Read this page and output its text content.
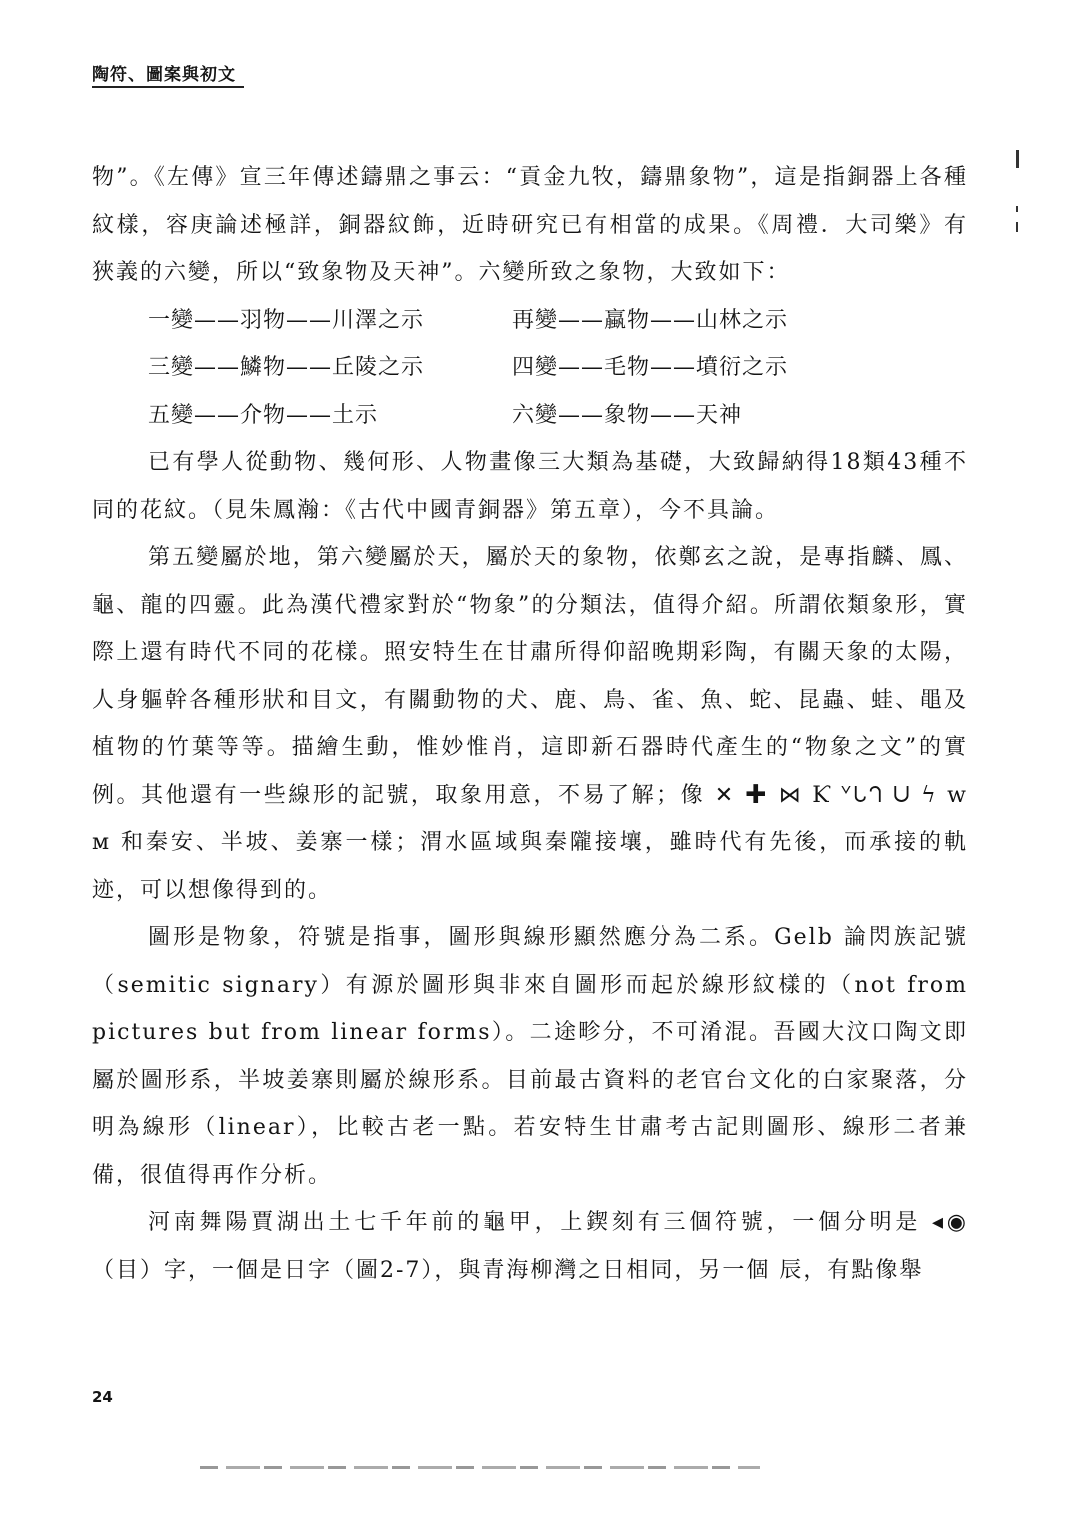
陶符、圖案與初文

物”。《左傳》宣三年傳述鑄鼎之事云：“貢金九牧，鑄鼎象物”，這是指銅器上各種紋樣，容庚論述極詳，銅器紋飾，近時研究已有相當的成果。《周禮．大司樂》有狹義的六變，所以“致象物及天神”。六變所致之象物，大致如下：

一變——羽物——川澤之示	再變——蠃物——山林之示
三變——鱗物——丘陵之示	四變——毛物——墳衍之示
五變——介物——土示	六變——象物——天神

已有學人從動物、幾何形、人物畫像三大類為基礎，大致歸納得18類43種不同的花紋。（見朱鳳瀚：《古代中國青銅器》第五章），今不具論。

第五變屬於地，第六變屬於天，屬於天的象物，依鄭玄之說，是專指麟、鳳、龜、龍的四靈。此為漢代禮家對於“物象”的分類法，值得介紹。所謂依類象形，實際上還有時代不同的花樣。照安特生在甘肅所得仰韶晚期彩陶，有關天象的太陽，人身軀幹各種形狀和目文，有關動物的犬、鹿、鳥、雀、魚、蛇、昆蟲、蛙、黽及植物的竹葉等等。描繪生動，惟妙惟肖，這即新石器時代產生的“物象之文”的實例。其他還有一些線形的記號，取象用意，不易了解；像 ✕ ✚ ⋈ Ƙ ᘁᘂᘃ ᑌ ϟ ᴡ ᴍ 和秦安、半坡、姜寨一樣；渭水區域與秦隴接壤，雖時代有先後，而承接的軌迹，可以想像得到的。

圖形是物象，符號是指事，圖形與線形顯然應分為二系。Gelb 論閃族記號（semitic signary）有源於圖形與非來自圖形而起於線形紋樣的（not from pictures but from linear forms）。二途畛分，不可淆混。吾國大汶口陶文即屬於圖形系，半坡姜寨則屬於線形系。目前最古資料的老官台文化的白家聚落，分明為線形（linear），比較古老一點。若安特生甘肅考古記則圖形、線形二者兼備，很值得再作分析。

河南舞陽賈湖出土七千年前的龜甲，上鍥刻有三個符號，一個分明是 ◂◉ （目）字，一個是日字（圖2-7），與青海柳灣之日相同，另一個 ⾠，有點像舉

24
